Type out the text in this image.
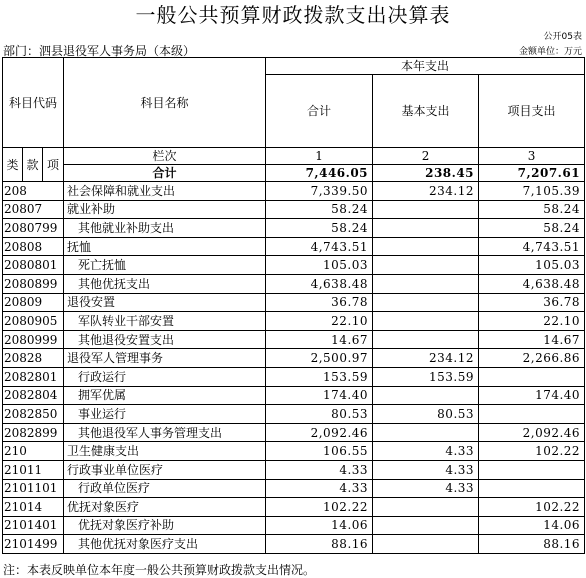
一般公共预算财政拨款支出决算表
公开05表
部门：泗县退役军人事务局（本级）	金额单位：万元
科目代码			科目名称	本年支出		
				合计	基本支出	项目支出

类	款	项	栏次	1	2	3
			合计	7,446.05	238.45	7,207.61
208			社会保障和就业支出	7,339.50	234.12	7,105.39
20807			就业补助	58.24		58.24
2080799			其他就业补助支出	58.24		58.24
20808			抚恤	4,743.51		4,743.51
2080801			死亡抚恤	105.03		105.03
2080899			其他优抚支出	4,638.48		4,638.48
20809			退役安置	36.78		36.78
2080905			军队转业干部安置	22.10		22.10
2080999			其他退役安置支出	14.67		14.67
20828			退役军人管理事务	2,500.97	234.12	2,266.86
2082801			行政运行	153.59	153.59	
2082804			拥军优属	174.40		174.40
2082850			事业运行	80.53	80.53	
2082899			其他退役军人事务管理支出	2,092.46		2,092.46
210			卫生健康支出	106.55	4.33	102.22
21011			行政事业单位医疗	4.33	4.33	
2101101			行政单位医疗	4.33	4.33	
21014			优抚对象医疗	102.22		102.22
2101401			优抚对象医疗补助	14.06		14.06
2101499			其他优抚对象医疗支出	88.16		88.16
注：本表反映单位本年度一般公共预算财政拨款支出情况。
